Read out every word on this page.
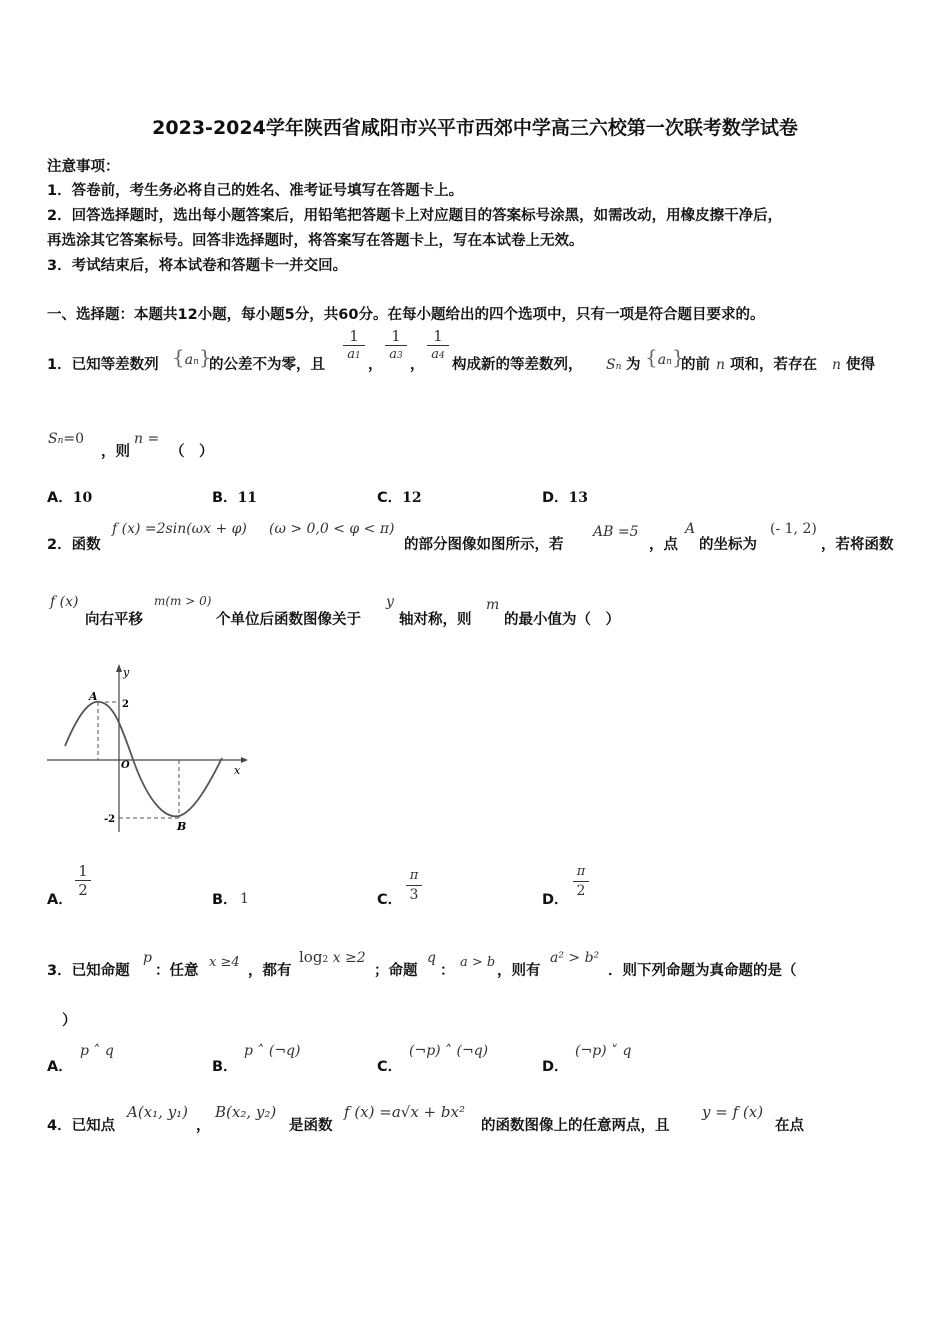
2023-2024学年陕西省咸阳市兴平市西郊中学高三六校第一次联考数学试卷
注意事项：
1．答卷前，考生务必将自己的姓名、准考证号填写在答题卡上。
2．回答选择题时，选出每小题答案后，用铅笔把答题卡上对应题目的答案标号涂黑，如需改动，用橡皮擦干净后，
再选涂其它答案标号。回答非选择题时，将答案写在答题卡上，写在本试卷上无效。
3．考试结束后，将本试卷和答题卡一并交回。
一、选择题：本题共12小题，每小题5分，共60分。在每小题给出的四个选项中，只有一项是符合题目要求的。
1．已知等差数列 {an}
的公差不为零，且 $\frac{1}{a1}$ ， $\frac{1}{a3}$ ， $\frac{1}{a4}$ 构成新的等差数列， Sn 为 {an}
的前 n 项和，若存在 n 使得
Sn=0
，则
n =
（　）
A．10	B．11	C．12	D．13
2．函数
f (x) =2sin(ωx + φ) (ω > 0,0 < φ < π)
的部分图像如图所示，若
AB =5
，点
A
的坐标为
(- 1, 2)
，若将函数
f (x)
向右平移
m(m > 0)
个单位后函数图像关于
y
轴对称，则
m
的最小值为（　）
y
x
A
B
O
2
-2
A．
$\frac{1}{2}$
B． 1	C． $\frac{\pi}{3}$	D． $\frac{\pi}{2}$
3．已知命题
p
：任意
x ≥4
，都有
log2 x ≥2
；命题
q
：
a > b
，则有
a² > b²
．则下列命题为真命题的是（
）
A．
p ˄ q
B．
p ˄ (¬q)
C．
(¬p) ˄ (¬q)
D．
(¬p) ˅ q
4．已知点
A(x₁, y₁)
，
B(x₂, y₂)
是函数
f (x) =a√x + bx²
的函数图像上的任意两点，且
y = f (x)
在点
